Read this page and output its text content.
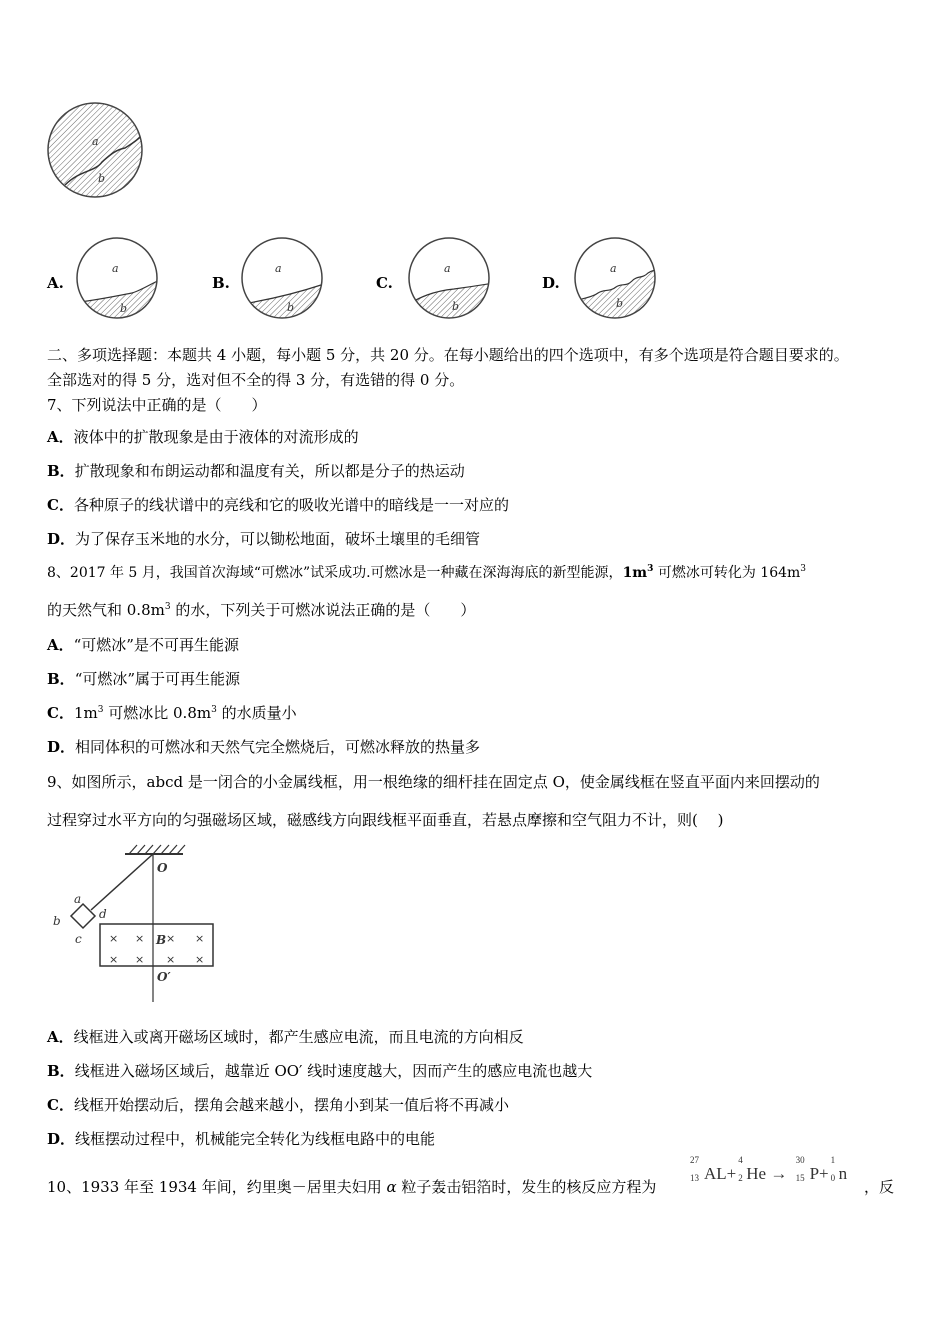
a
b
A.
a
b
B.
a
b
C.
a
b
D.
a
b
二、多项选择题：本题共 4 小题，每小题 5 分，共 20 分。在每小题给出的四个选项中，有多个选项是符合题目要求的。
全部选对的得 5 分，选对但不全的得 3 分，有选错的得 0 分。
7、下列说法中正确的是（　　）
A．液体中的扩散现象是由于液体的对流形成的
B．扩散现象和布朗运动都和温度有关，所以都是分子的热运动
C．各种原子的线状谱中的亮线和它的吸收光谱中的暗线是一一对应的
D．为了保存玉米地的水分，可以锄松地面，破坏土壤里的毛细管
8、2017 年 5 月，我国首次海域“可燃冰”试采成功.可燃冰是一种藏在深海海底的新型能源，$1m^3$ 可燃冰可转化为 $164m^3$
的天然气和 $0.8m^3$ 的水，下列关于可燃冰说法正确的是（　　）
A．“可燃冰”是不可再生能源
B．“可燃冰”属于可再生能源
C．$1m^3$ 可燃冰比 $0.8m^3$ 的水质量小
D．相同体积的可燃冰和天然气完全燃烧后，可燃冰释放的热量多
9、如图所示，abcd 是一闭合的小金属线框，用一根绝缘的细杆挂在固定点 O，使金属线框在竖直平面内来回摆动的
过程穿过水平方向的匀强磁场区域，磁感线方向跟线框平面垂直，若悬点摩擦和空气阻力不计，则(　 )
× × × ×
× × × ×
O
O′
B
a
b
c
d
A．线框进入或离开磁场区域时，都产生感应电流，而且电流的方向相反
B．线框进入磁场区域后，越靠近 OO′ 线时速度越大，因而产生的感应电流也越大
C．线框开始摆动后，摆角会越来越小，摆角小到某一值后将不再减小
D．线框摆动过程中，机械能完全转化为线框电路中的电能
10、1933 年至 1934 年间，约里奥－居里夫妇用 α 粒子轰击铝箔时，发生的核反应方程为
27
13 AL+
4
2 He →
30
15 P+
1
0 n
，反
